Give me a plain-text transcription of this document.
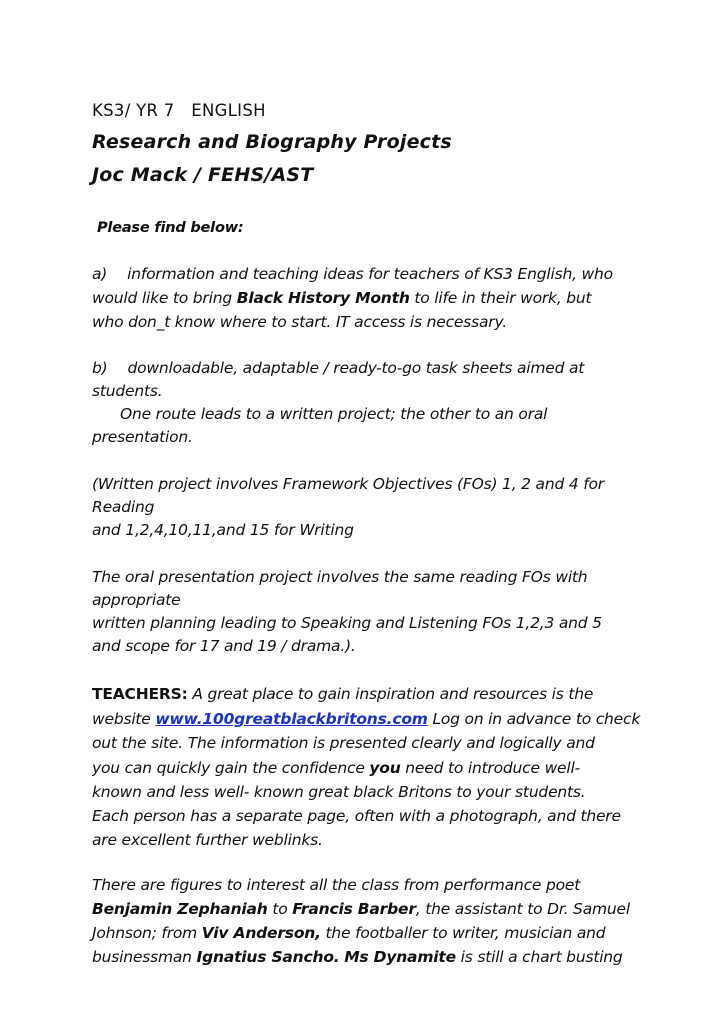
KS3/ YR 7 ENGLISH
Research and Biography Projects
Joc Mack / FEHS/AST
Please find below:
a) information and teaching ideas for teachers of KS3 English, who
would like to bring Black History Month to life in their work, but
who don_t know where to start. IT access is necessary.
b) downloadable, adaptable / ready-to-go task sheets aimed at
students.
One route leads to a written project; the other to an oral
presentation.
(Written project involves Framework Objectives (FOs) 1, 2 and 4 for
Reading
and 1,2,4,10,11,and 15 for Writing
The oral presentation project involves the same reading FOs with
appropriate
written planning leading to Speaking and Listening FOs 1,2,3 and 5
and scope for 17 and 19 / drama.).
TEACHERS: A great place to gain inspiration and resources is the
website www.100greatblackbritons.com Log on in advance to check
out the site. The information is presented clearly and logically and
you can quickly gain the confidence you need to introduce well-
known and less well- known great black Britons to your students.
Each person has a separate page, often with a photograph, and there
are excellent further weblinks.
There are figures to interest all the class from performance poet
Benjamin Zephaniah to Francis Barber, the assistant to Dr. Samuel
Johnson; from Viv Anderson, the footballer to writer, musician and
businessman Ignatius Sancho. Ms Dynamite is still a chart busting
